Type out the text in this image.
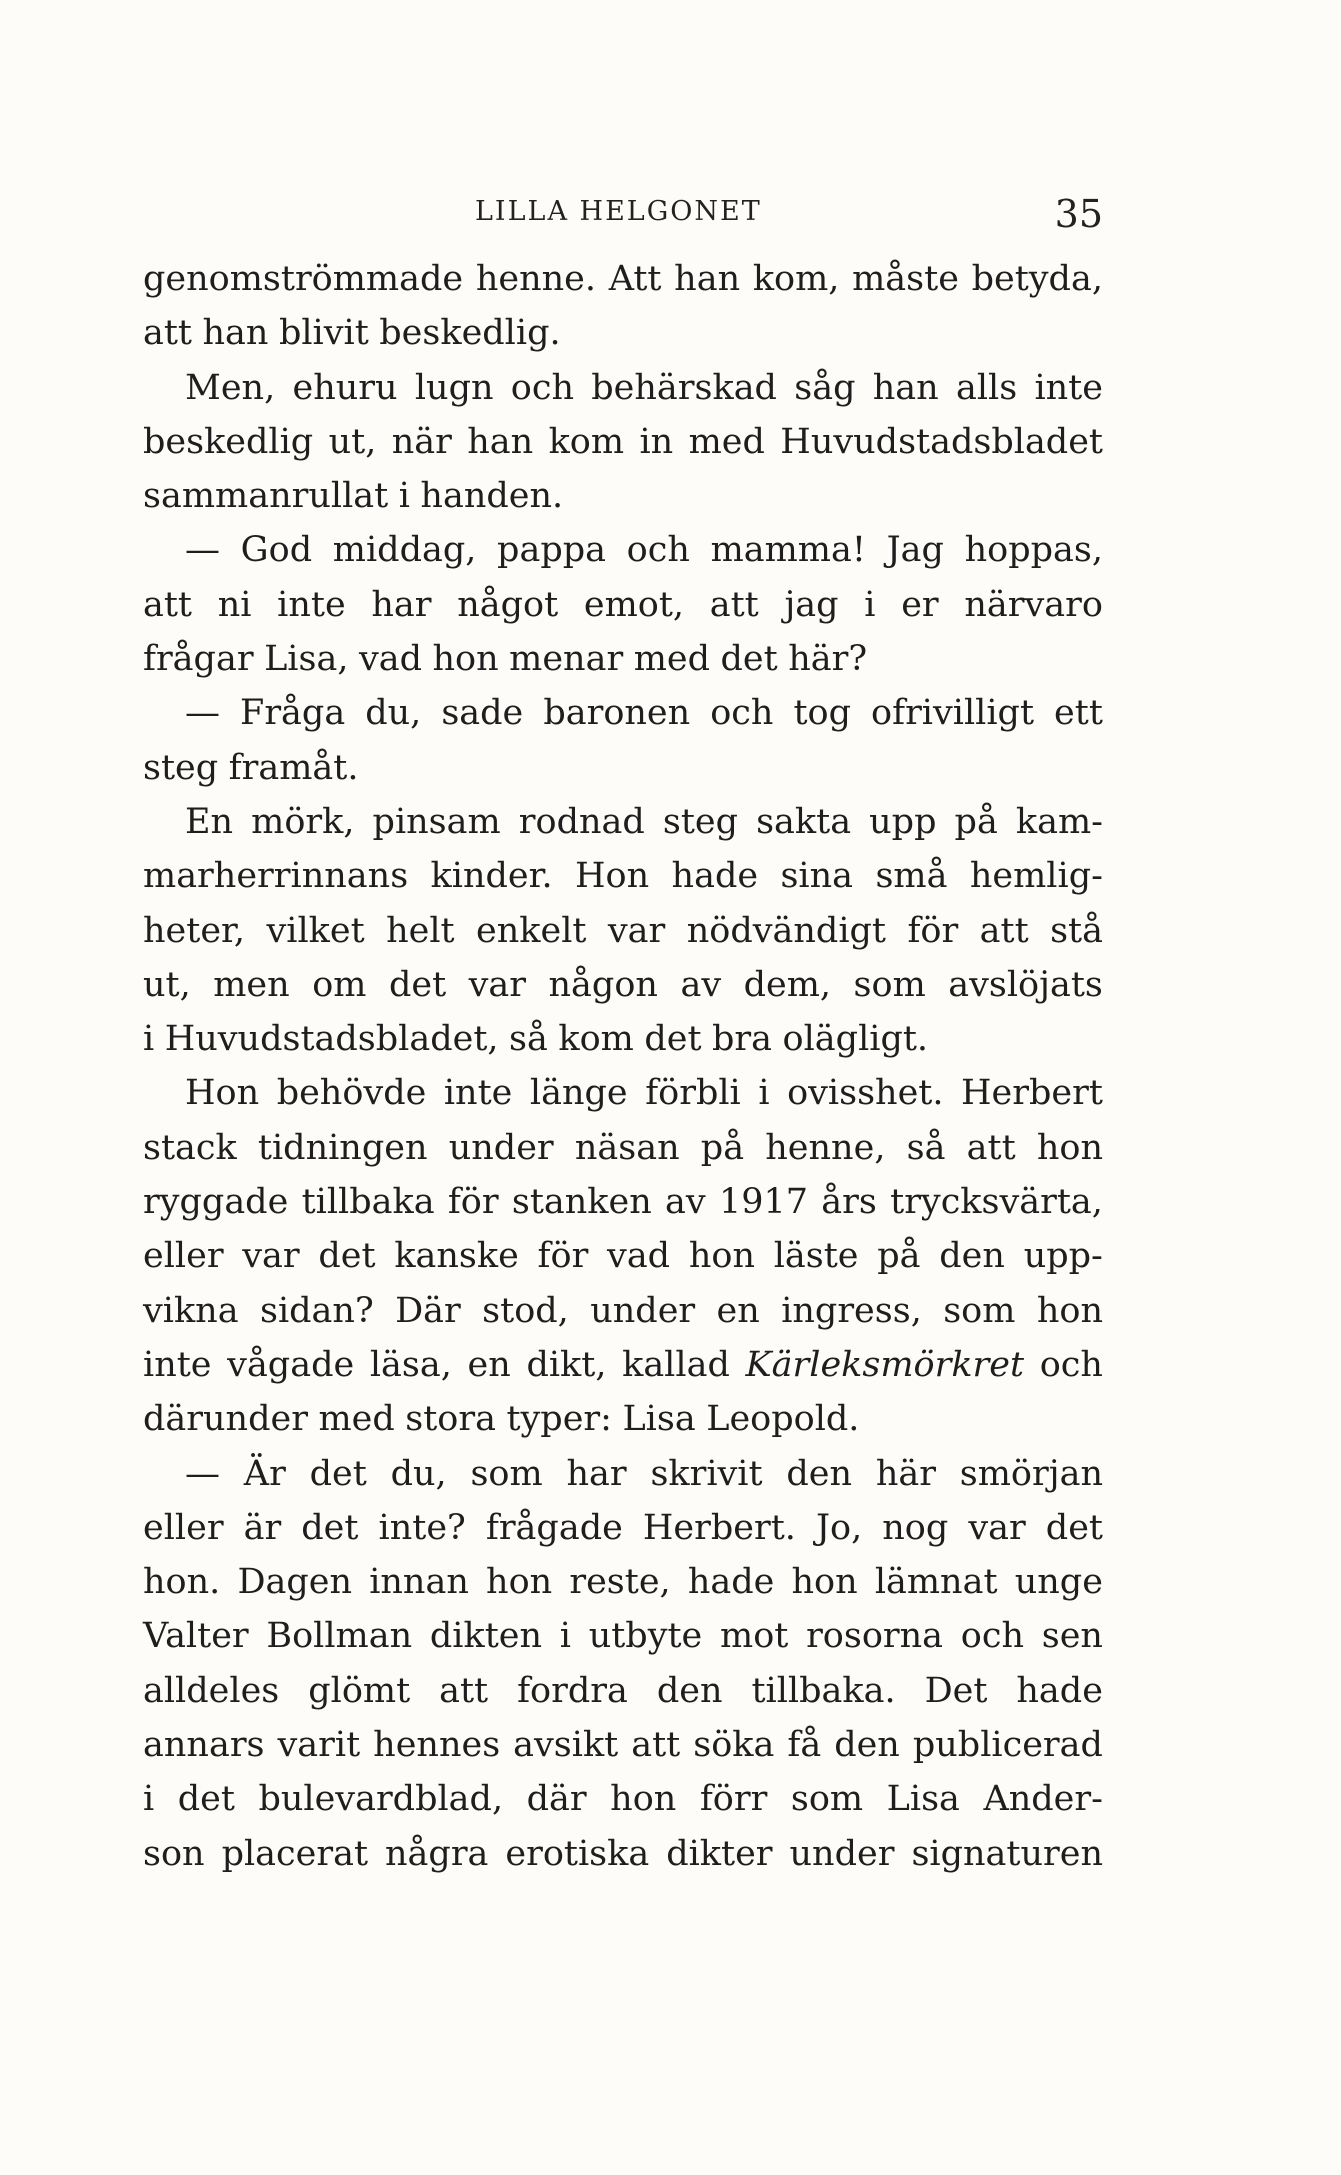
LILLA HELGONET	35
genomströmmade henne. Att han kom, måste betyda,
att han blivit beskedlig.
Men, ehuru lugn och behärskad såg han alls inte
beskedlig ut, när han kom in med Huvudstadsbladet
sammanrullat i handen.
— God middag, pappa och mamma! Jag hoppas,
att ni inte har något emot, att jag i er närvaro
frågar Lisa, vad hon menar med det här?
— Fråga du, sade baronen och tog ofrivilligt ett
steg framåt.
En mörk, pinsam rodnad steg sakta upp på kam-
marherrinnans kinder. Hon hade sina små hemlig-
heter, vilket helt enkelt var nödvändigt för att stå
ut, men om det var någon av dem, som avslöjats
i Huvudstadsbladet, så kom det bra olägligt.
Hon behövde inte länge förbli i ovisshet. Herbert
stack tidningen under näsan på henne, så att hon
ryggade tillbaka för stanken av 1917 års trycksvärta,
eller var det kanske för vad hon läste på den upp-
vikna sidan? Där stod, under en ingress, som hon
inte vågade läsa, en dikt, kallad Kärleksmörkret och
därunder med stora typer: Lisa Leopold.
— Är det du, som har skrivit den här smörjan
eller är det inte? frågade Herbert. Jo, nog var det
hon. Dagen innan hon reste, hade hon lämnat unge
Valter Bollman dikten i utbyte mot rosorna och sen
alldeles glömt att fordra den tillbaka. Det hade
annars varit hennes avsikt att söka få den publicerad
i det bulevardblad, där hon förr som Lisa Ander-
son placerat några erotiska dikter under signaturen
